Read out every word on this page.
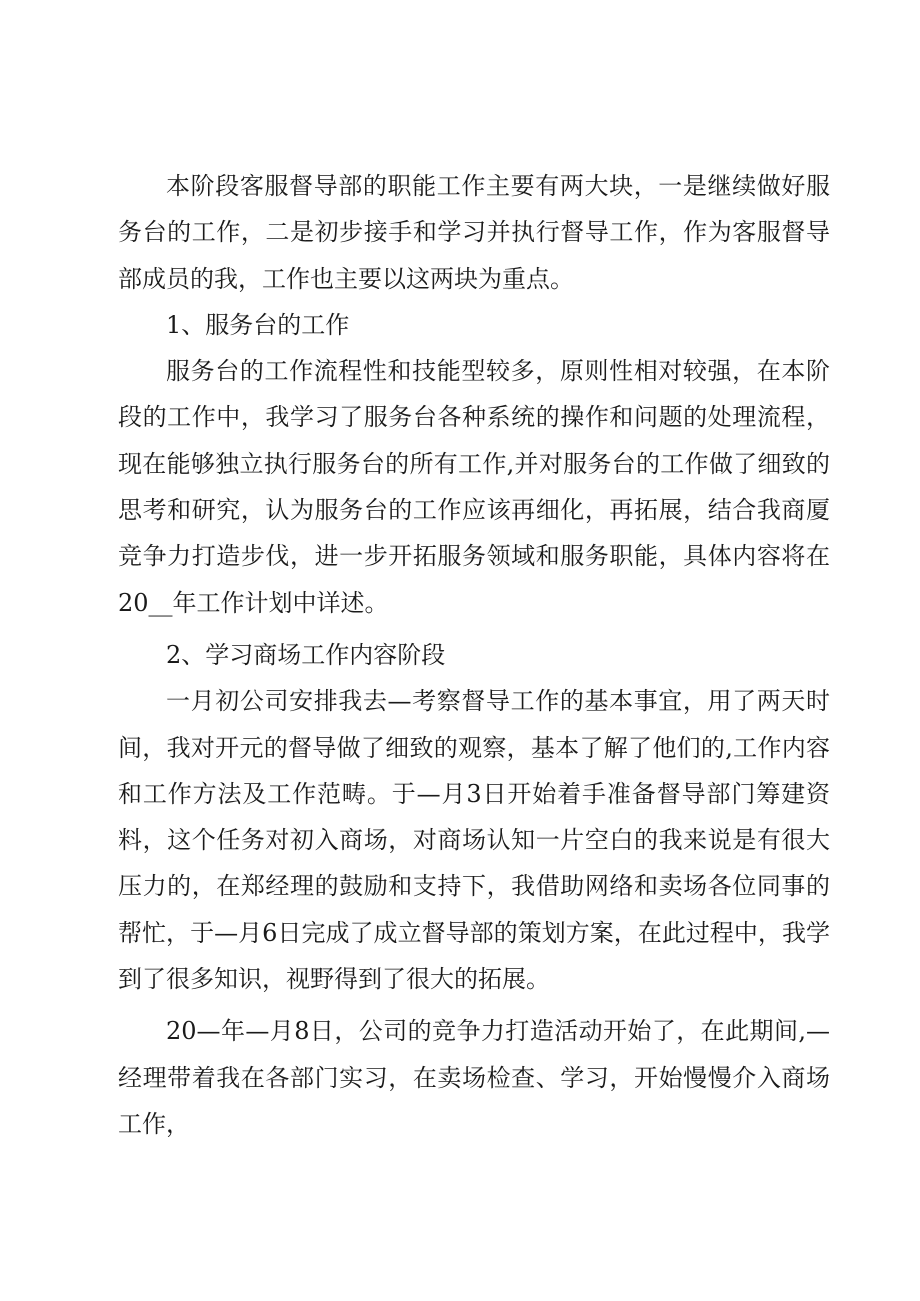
本阶段客服督导部的职能工作主要有两大块，一是继续做好服务台的工作，二是初步接手和学习并执行督导工作，作为客服督导部成员的我，工作也主要以这两块为重点。

1、服务台的工作

服务台的工作流程性和技能型较多，原则性相对较强，在本阶段的工作中，我学习了服务台各种系统的操作和问题的处理流程，现在能够独立执行服务台的所有工作,并对服务台的工作做了细致的思考和研究，认为服务台的工作应该再细化，再拓展，结合我商厦竞争力打造步伐，进一步开拓服务领域和服务职能，具体内容将在20__年工作计划中详述。

2、学习商场工作内容阶段

一月初公司安排我去—考察督导工作的基本事宜，用了两天时间，我对开元的督导做了细致的观察，基本了解了他们的,工作内容和工作方法及工作范畴。于—月3日开始着手准备督导部门筹建资料，这个任务对初入商场，对商场认知一片空白的我来说是有很大压力的，在郑经理的鼓励和支持下，我借助网络和卖场各位同事的帮忙，于—月6日完成了成立督导部的策划方案，在此过程中，我学到了很多知识，视野得到了很大的拓展。

20—年—月8日，公司的竞争力打造活动开始了，在此期间,—经理带着我在各部门实习，在卖场检查、学习，开始慢慢介入商场工作，
